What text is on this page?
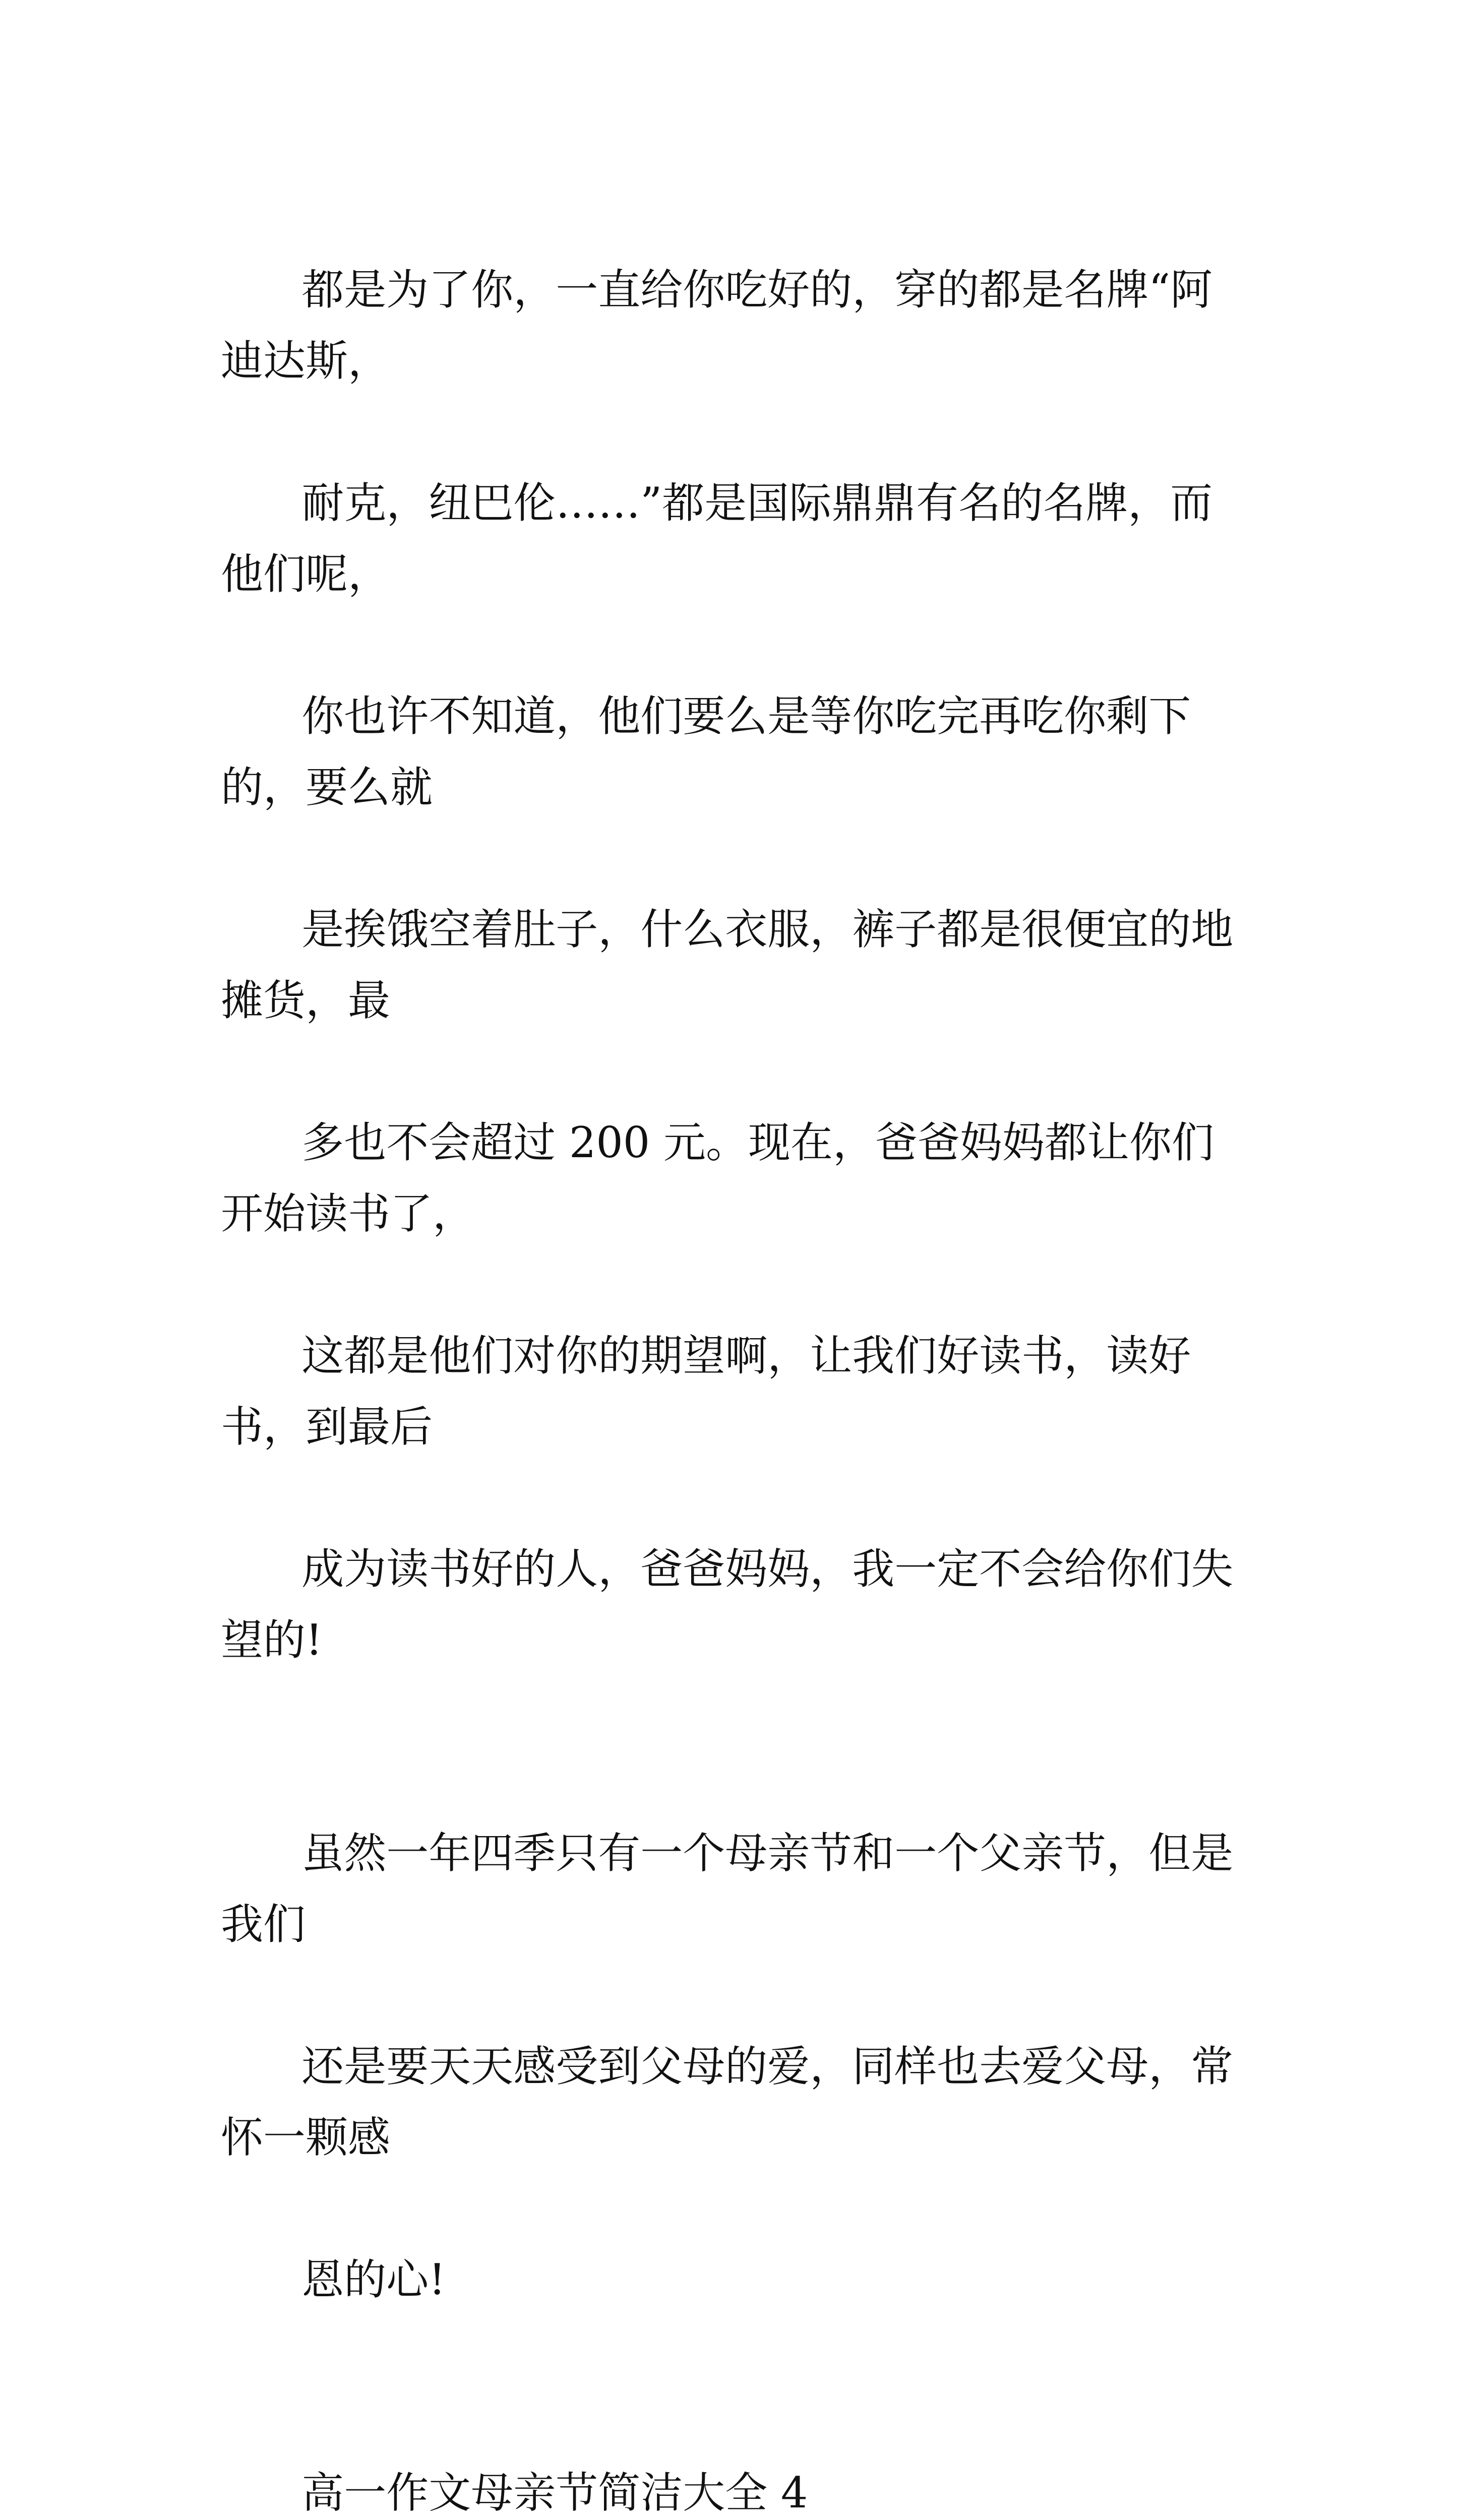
都是为了你，一直给你吃好的，穿的都是名牌“阿迪达斯，

耐克，纽巴伦……”都是国际鼎鼎有名的名牌，而他们呢，

你也许不知道，他们要么是等你吃完再吃你剩下的，要么就

是挨饿空着肚子，什么衣服，裤子都是很便宜的地摊货，最

多也不会超过 200 元。现在，爸爸妈妈都让你们开始读书了，

这都是他们对你的期望啊，让我们好读书，读好书，到最后

成为读书好的人，爸爸妈妈，我一定不会给你们失望的!

虽然一年四季只有一个母亲节和一个父亲节，但是我们

还是要天天感受到父母的爱，同样也去爱父母，常怀一颗感

恩的心!

高一作文母亲节简洁大全 4
